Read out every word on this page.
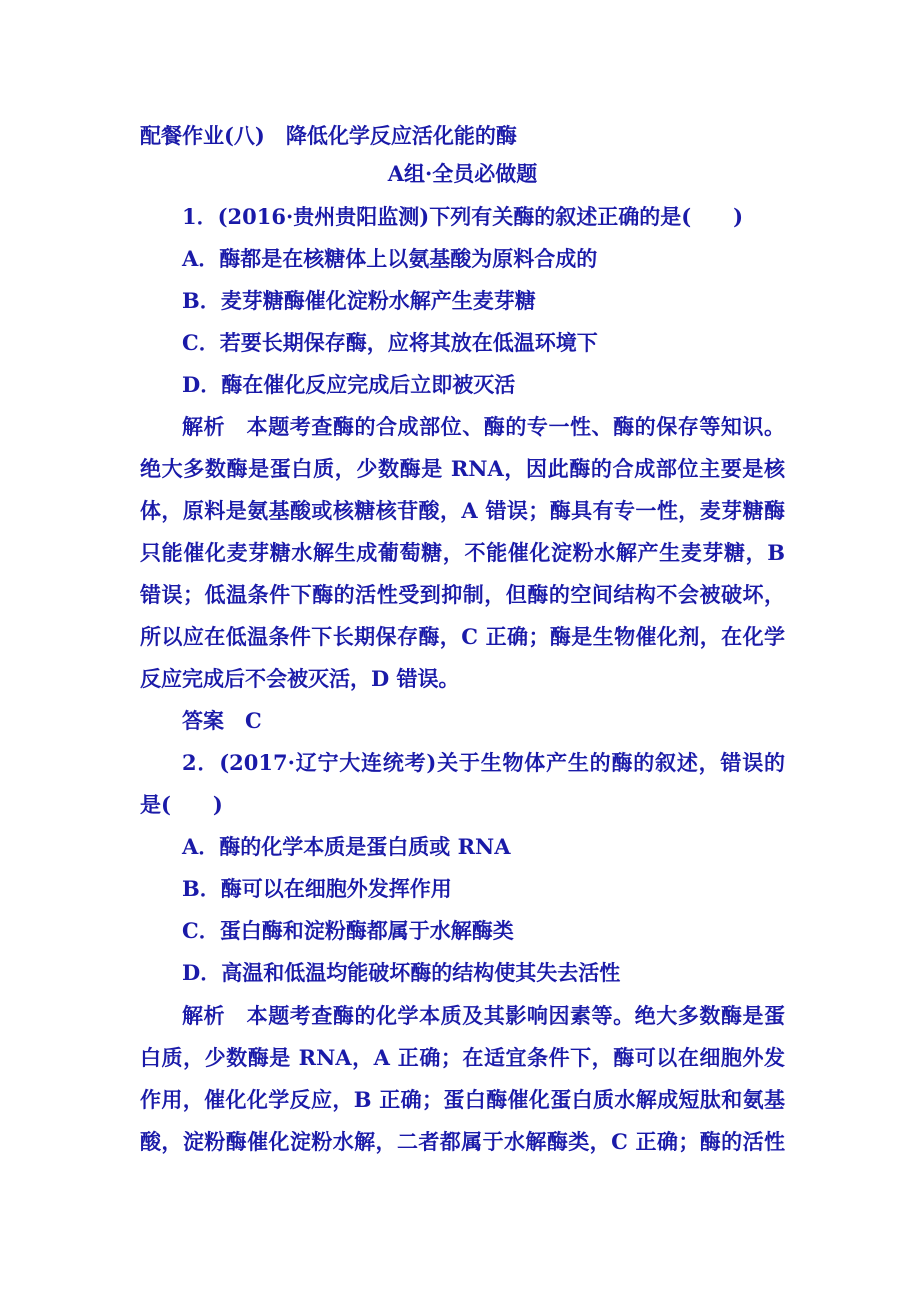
配餐作业(八)　降低化学反应活化能的酶
A组·全员必做题
1．(2016·贵州贵阳监测)下列有关酶的叙述正确的是(　　)
A．酶都是在核糖体上以氨基酸为原料合成的
B．麦芽糖酶催化淀粉水解产生麦芽糖
C．若要长期保存酶，应将其放在低温环境下
D．酶在催化反应完成后立即被灭活
解析　本题考查酶的合成部位、酶的专一性、酶的保存等知识。
绝大多数酶是蛋白质，少数酶是 RNA，因此酶的合成部位主要是核
体，原料是氨基酸或核糖核苷酸，A 错误；酶具有专一性，麦芽糖酶
只能催化麦芽糖水解生成葡萄糖，不能催化淀粉水解产生麦芽糖，B
错误；低温条件下酶的活性受到抑制，但酶的空间结构不会被破坏，
所以应在低温条件下长期保存酶，C 正确；酶是生物催化剂，在化学
反应完成后不会被灭活，D 错误。
答案　C
2．(2017·辽宁大连统考)关于生物体产生的酶的叙述，错误的
是(　　)
A．酶的化学本质是蛋白质或 RNA
B．酶可以在细胞外发挥作用
C．蛋白酶和淀粉酶都属于水解酶类
D．高温和低温均能破坏酶的结构使其失去活性
解析　本题考查酶的化学本质及其影响因素等。绝大多数酶是蛋
白质，少数酶是 RNA，A 正确；在适宜条件下，酶可以在细胞外发
作用，催化化学反应，B 正确；蛋白酶催化蛋白质水解成短肽和氨基
酸，淀粉酶催化淀粉水解，二者都属于水解酶类，C 正确；酶的活性
